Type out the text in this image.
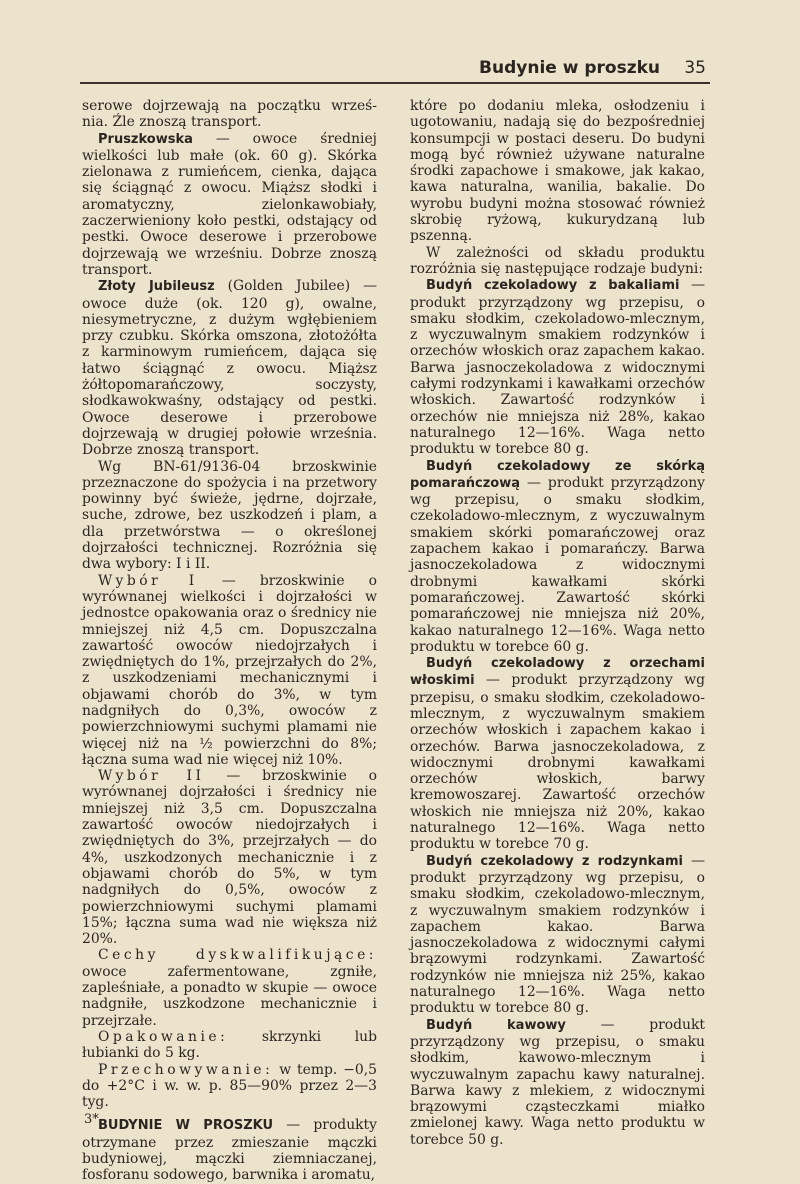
Budynie w proszku 35

serowe dojrzewają na początku wrześ-nia. Źle znoszą transport.

Pruszkowska — owoce średniej wielkości lub małe (ok. 60 g). Skórka zielonawa z rumieńcem, cienka, dająca się ściągnąć z owocu. Miąższ słodki i aromatyczny, zielonkawobiały, zaczerwieniony koło pestki, odstający od pestki. Owoce deserowe i przerobowe dojrzewają we wrześniu. Dobrze znoszą transport.

Złoty Jubileusz (Golden Jubilee) — owoce duże (ok. 120 g), owalne, niesymetryczne, z dużym wgłębieniem przy czubku. Skórka omszona, złotożółta z karminowym rumieńcem, dająca się łatwo ściągnąć z owocu. Miąższ żółtopomarańczowy, soczysty, słodkawokwaśny, odstający od pestki. Owoce deserowe i przerobowe dojrzewają w drugiej połowie września. Dobrze znoszą transport.

Wg BN-61/9136-04 brzoskwinie przeznaczone do spożycia i na przetwory powinny być świeże, jędrne, dojrzałe, suche, zdrowe, bez uszkodzeń i plam, a dla przetwórstwa — o określonej dojrzałości technicznej. Rozróżnia się dwa wybory: I i II.

Wybór I — brzoskwinie o wyrównanej wielkości i dojrzałości w jednostce opakowania oraz o średnicy nie mniejszej niż 4,5 cm. Dopuszczalna zawartość owoców niedojrzałych i zwiędniętych do 1%, przejrzałych do 2%, z uszkodzeniami mechanicznymi i objawami chorób do 3%, w tym nadgniłych do 0,3%, owoców z powierzchniowymi suchymi plamami nie więcej niż na ½ powierzchni do 8%; łączna suma wad nie więcej niż 10%.

Wybór II — brzoskwinie o wyrównanej dojrzałości i średnicy nie mniejszej niż 3,5 cm. Dopuszczalna zawartość owoców niedojrzałych i zwiędniętych do 3%, przejrzałych — do 4%, uszkodzonych mechanicznie i z objawami chorób do 5%, w tym nadgniłych do 0,5%, owoców z powierzchniowymi suchymi plamami 15%; łączna suma wad nie większa niż 20%.

Cechy dyskwalifikujące: owoce zafermentowane, zgniłe, zapleśniałe, a ponadto w skupie — owoce nadgniłe, uszkodzone mechanicznie i przejrzałe.

Opakowanie: skrzynki lub łubianki do 5 kg.

Przechowywanie: w temp. −0,5 do +2°C i w. w. p. 85—90% przez 2—3 tyg.

BUDYNIE W PROSZKU — produkty otrzymane przez zmieszanie mączki budyniowej, mączki ziemniaczanej, fosforanu sodowego, barwnika i aromatu,

które po dodaniu mleka, osłodzeniu i ugotowaniu, nadają się do bezpośredniej konsumpcji w postaci deseru. Do budyni mogą być również używane naturalne środki zapachowe i smakowe, jak kakao, kawa naturalna, wanilia, bakalie. Do wyrobu budyni można stosować również skrobię ryżową, kukurydzaną lub pszenną.

W zależności od składu produktu rozróżnia się następujące rodzaje budyni:

Budyń czekoladowy z bakaliami — produkt przyrządzony wg przepisu, o smaku słodkim, czekoladowo-mlecznym, z wyczuwalnym smakiem rodzynków i orzechów włoskich oraz zapachem kakao. Barwa jasnoczekoladowa z widocznymi całymi rodzynkami i kawałkami orzechów włoskich. Zawartość rodzynków i orzechów nie mniejsza niż 28%, kakao naturalnego 12—16%. Waga netto produktu w torebce 80 g.

Budyń czekoladowy ze skórką pomarańczową — produkt przyrządzony wg przepisu, o smaku słodkim, czekoladowo-mlecznym, z wyczuwalnym smakiem skórki pomarańczowej oraz zapachem kakao i pomarańczy. Barwa jasnoczekoladowa z widocznymi drobnymi kawałkami skórki pomarańczowej. Zawartość skórki pomarańczowej nie mniejsza niż 20%, kakao naturalnego 12—16%. Waga netto produktu w torebce 60 g.

Budyń czekoladowy z orzechami włoskimi — produkt przyrządzony wg przepisu, o smaku słodkim, czekoladowo-mlecznym, z wyczuwalnym smakiem orzechów włoskich i zapachem kakao i orzechów. Barwa jasnoczekoladowa, z widocznymi drobnymi kawałkami orzechów włoskich, barwy kremowoszarej. Zawartość orzechów włoskich nie mniejsza niż 20%, kakao naturalnego 12—16%. Waga netto produktu w torebce 70 g.

Budyń czekoladowy z rodzynkami — produkt przyrządzony wg przepisu, o smaku słodkim, czekoladowo-mlecznym, z wyczuwalnym smakiem rodzynków i zapachem kakao. Barwa jasnoczekoladowa z widocznymi całymi brązowymi rodzynkami. Zawartość rodzynków nie mniejsza niż 25%, kakao naturalnego 12—16%. Waga netto produktu w torebce 80 g.

Budyń kawowy — produkt przyrządzony wg przepisu, o smaku słodkim, kawowo-mlecznym i wyczuwalnym zapachu kawy naturalnej. Barwa kawy z mlekiem, z widocznymi brązowymi cząsteczkami miałko zmielonej kawy. Waga netto produktu w torebce 50 g.

3*
